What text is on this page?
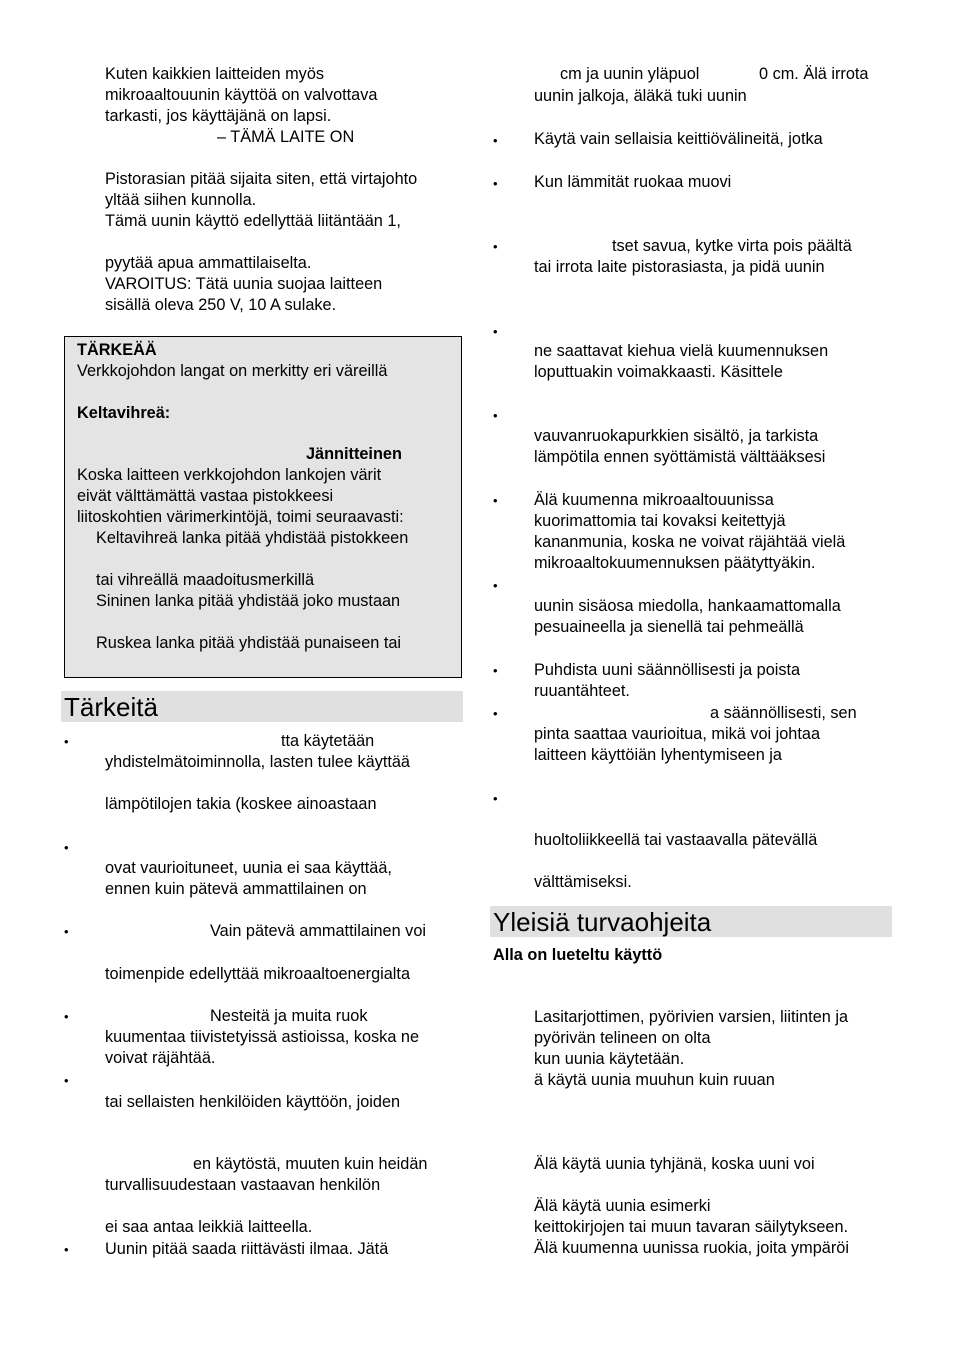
Kuten kaikkien laitteiden myös
mikroaaltouunin käyttöä on valvottava
tarkasti, jos käyttäjänä on lapsi.
– TÄMÄ LAITE ON
Pistorasian pitää sijaita siten, että virtajohto
yltää siihen kunnolla.
Tämä uunin käyttö edellyttää liitäntään 1,
pyytää apua ammattilaiselta.
VAROITUS: Tätä uunia suojaa laitteen
sisällä oleva 250 V, 10 A sulake.
TÄRKEÄÄ
Verkkojohdon langat on merkitty eri väreillä
Keltavihreä:
Jännitteinen
Koska laitteen verkkojohdon lankojen värit
eivät välttämättä vastaa pistokkeesi
liitoskohtien värimerkintöjä, toimi seuraavasti:
Keltavihreä lanka pitää yhdistää pistokkeen
tai vihreällä maadoitusmerkillä
Sininen lanka pitää yhdistää joko mustaan
Ruskea lanka pitää yhdistää punaiseen tai
Tärkeitä
•	tta käytetään
yhdistelmätoiminnolla, lasten tulee käyttää
lämpötilojen takia (koskee ainoastaan
•
ovat vaurioituneet, uunia ei saa käyttää,
ennen kuin pätevä ammattilainen on
•	Vain pätevä ammattilainen voi
toimenpide edellyttää mikroaaltoenergialta
•	Nesteitä ja muita ruok
kuumentaa tiivistetyissä astioissa, koska ne
voivat räjähtää.
•
tai sellaisten henkilöiden käyttöön, joiden
en käytöstä, muuten kuin heidän
turvallisuudestaan vastaavan henkilön
ei saa antaa leikkiä laitteella.
• Uunin pitää saada riittävästi ilmaa. Jätä
cm ja uunin yläpuol	0 cm. Älä irrota
uunin jalkoja, äläkä tuki uunin
• Käytä vain sellaisia keittiövälineitä, jotka
• Kun lämmität ruokaa muovi
•	tset savua, kytke virta pois päältä
tai irrota laite pistorasiasta, ja pidä uunin
•
ne saattavat kiehua vielä kuumennuksen
loputtuakin voimakkaasti. Käsittele
•
vauvanruokapurkkien sisältö, ja tarkista
lämpötila ennen syöttämistä välttääksesi
• Älä kuumenna mikroaaltouunissa
kuorimattomia tai kovaksi keitettyjä
kananmunia, koska ne voivat räjähtää vielä
mikroaaltokuumennuksen päätyttyäkin.
•
uunin sisäosa miedolla, hankaamattomalla
pesuaineella ja sienellä tai pehmeällä
• Puhdista uuni säännöllisesti ja poista
ruuantähteet.
•	a säännöllisesti, sen
pinta saattaa vaurioitua, mikä voi johtaa
laitteen käyttöiän lyhentymiseen ja
•
huoltoliikkeellä tai vastaavalla pätevällä
välttämiseksi.
Yleisiä turvaohjeita
Alla on lueteltu käyttö
Lasitarjottimen, pyörivien varsien, liitinten ja
pyörivän telineen on olta
kun uunia käytetään.
ä käytä uunia muuhun kuin ruuan
Älä käytä uunia tyhjänä, koska uuni voi
Älä käytä uunia esimerki
keittokirjojen tai muun tavaran säilytykseen.
Älä kuumenna uunissa ruokia, joita ympäröi
